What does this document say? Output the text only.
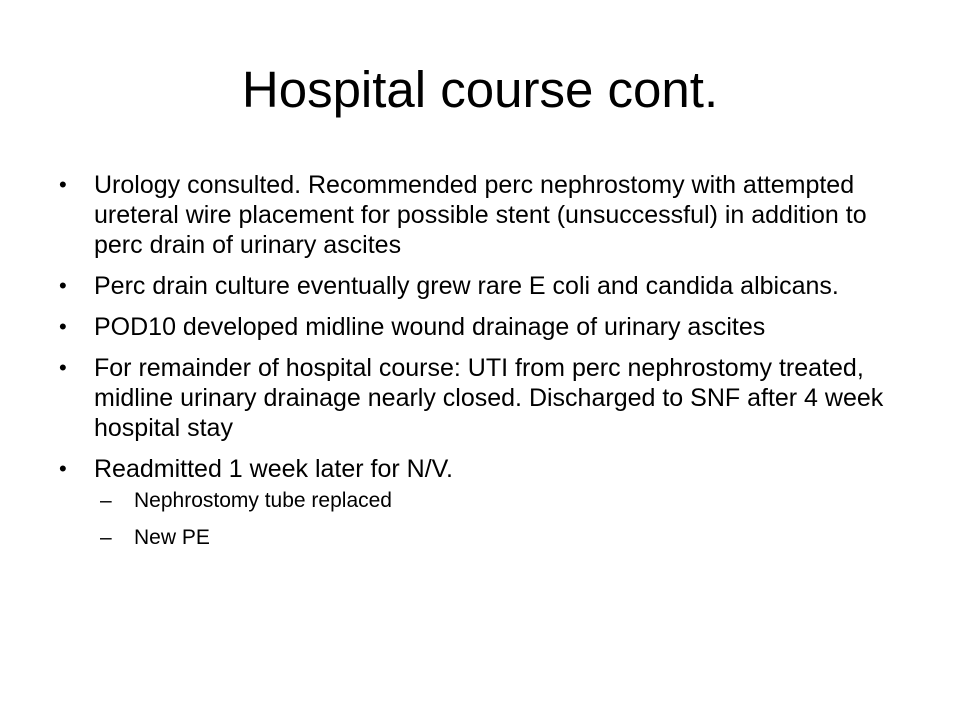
Hospital course cont.
• Urology consulted. Recommended perc nephrostomy with attempted ureteral wire placement for possible stent (unsuccessful) in addition to perc drain of urinary ascites
• Perc drain culture eventually grew rare E coli and candida albicans.
• POD10 developed midline wound drainage of urinary ascites
• For remainder of hospital course: UTI from perc nephrostomy treated, midline urinary drainage nearly closed. Discharged to SNF after 4 week hospital stay
• Readmitted 1 week later for N/V.
– Nephrostomy tube replaced
– New PE
